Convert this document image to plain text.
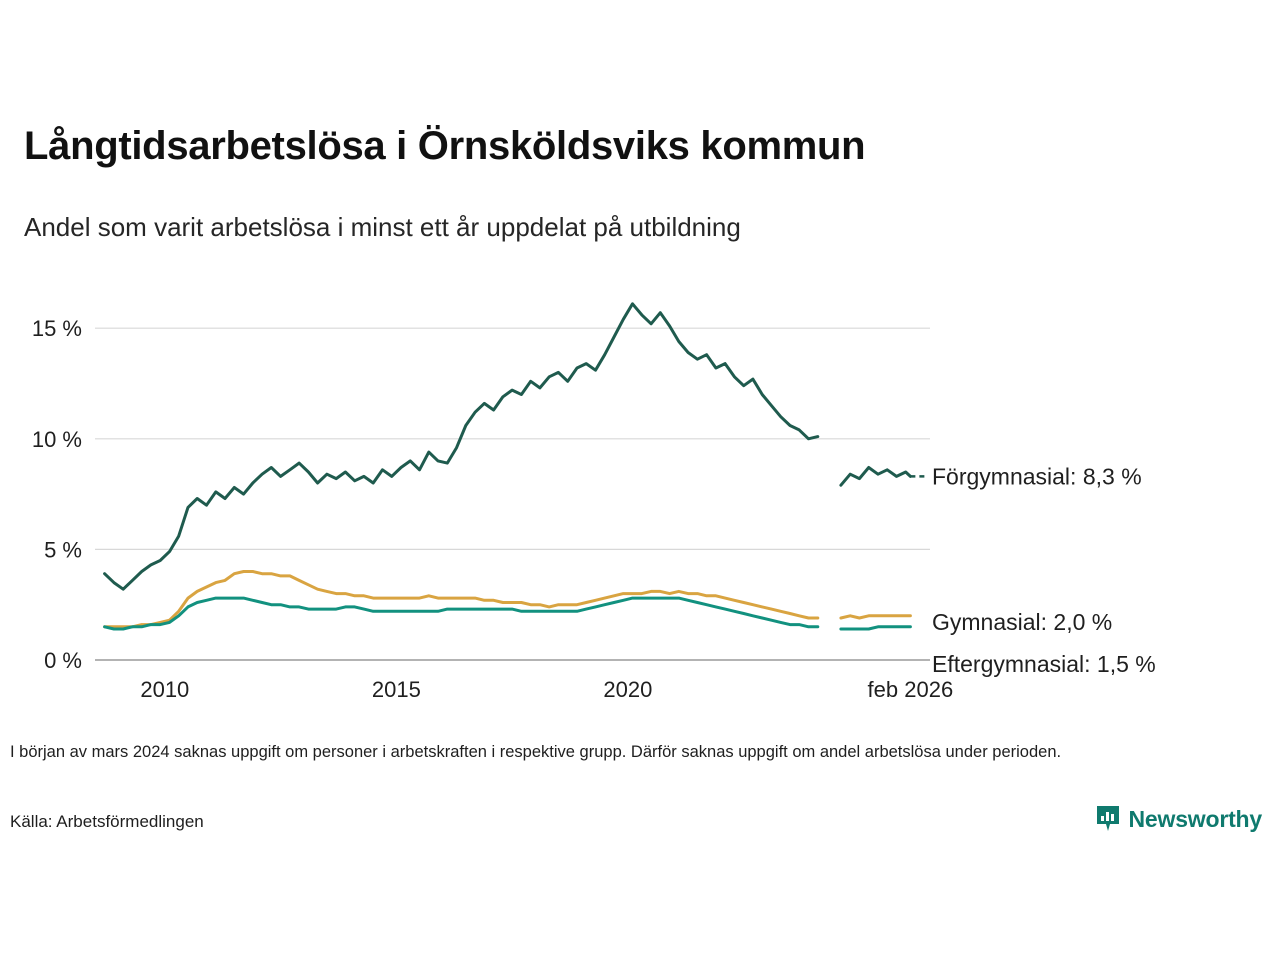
Långtidsarbetslösa i Örnsköldsviks kommun
Andel som varit arbetslösa i minst ett år uppdelat på utbildning
0 %
5 %
10 %
15 %
2010	2015	2020	feb 2026
Förgymnasial: 8,3 %
Gymnasial: 2,0 %
Eftergymnasial: 1,5 %
I början av mars 2024 saknas uppgift om personer i arbetskraften i respektive grupp. Därför saknas uppgift om andel arbetslösa under perioden.
Källa: Arbetsförmedlingen	Newsworthy
